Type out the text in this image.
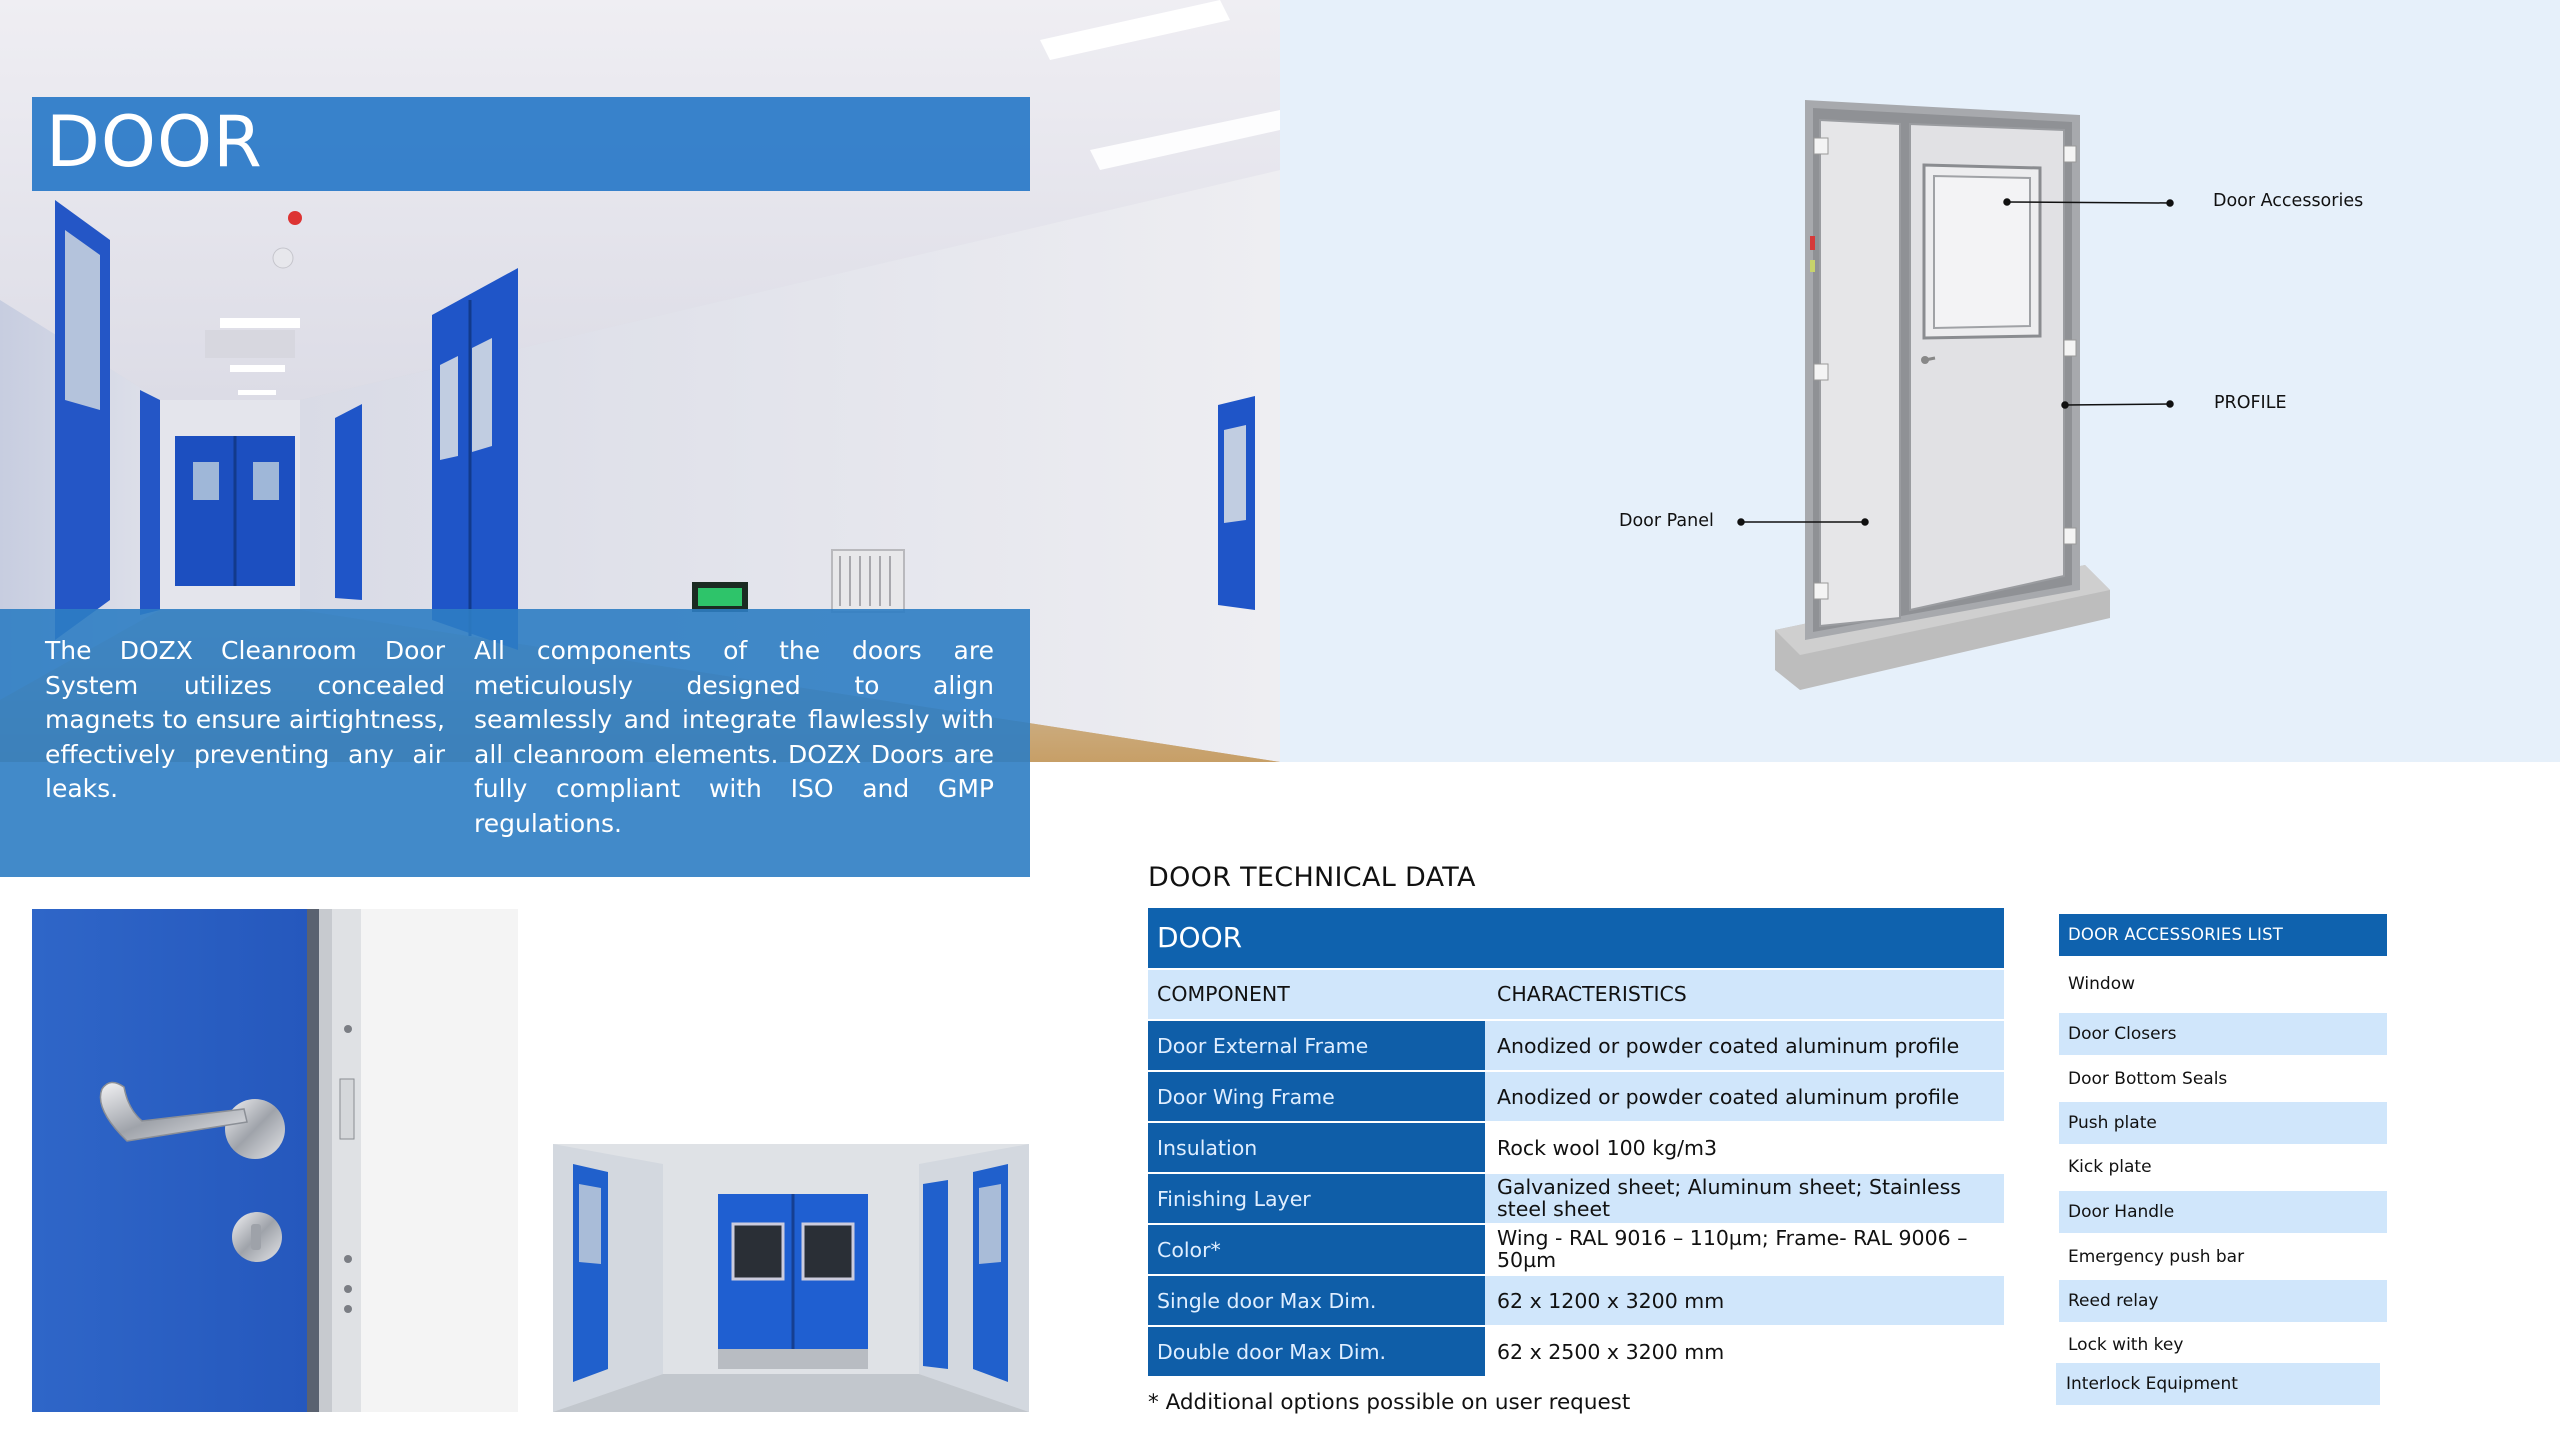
DOOR

The DOZX Cleanroom Door System utilizes concealed magnets to ensure airtightness, effectively preventing any air leaks.

All components of the doors are meticulously designed to align seamlessly and integrate flawlessly with all cleanroom elements. DOZX Doors are fully compliant with ISO and GMP regulations.

Door Accessories
PROFILE
Door Panel
DOOR TECHNICAL DATA
DOOR
COMPONENT	CHARACTERISTICS
Door External Frame	Anodized or powder coated aluminum profile
Door Wing Frame	Anodized or powder coated aluminum profile
Insulation	Rock wool 100 kg/m3
Finishing Layer	Galvanized sheet; Aluminum sheet; Stainless steel sheet
Color*	Wing - RAL 9016 – 110µm; Frame- RAL 9006 – 50µm
Single door Max Dim.	62 x 1200 x 3200 mm
Double door Max Dim.	62 x 2500 x 3200 mm
* Additional options possible on user request
DOOR ACCESSORIES LIST
Window
Door Closers
Door Bottom Seals
Push plate
Kick plate
Door Handle
Emergency push bar
Reed relay
Lock with key
Interlock Equipment
